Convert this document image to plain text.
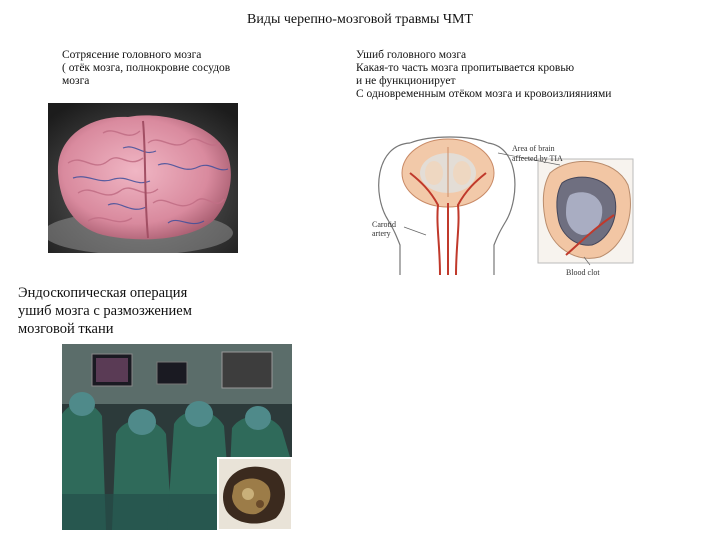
Виды черепно-мозговой травмы ЧМТ
Сотрясение головного мозга
( отёк мозга, полнокровие сосудов
мозга
Ушиб головного мозга
Какая-то часть мозга пропитывается кровью
и не функционирует
С одновременным отёком мозга и кровоизлияниями
Area of brain
affected by TIA
Carotid
artery
Blood clot
Эндоскопическая операция
ушиб мозга с размозжением
мозговой ткани
